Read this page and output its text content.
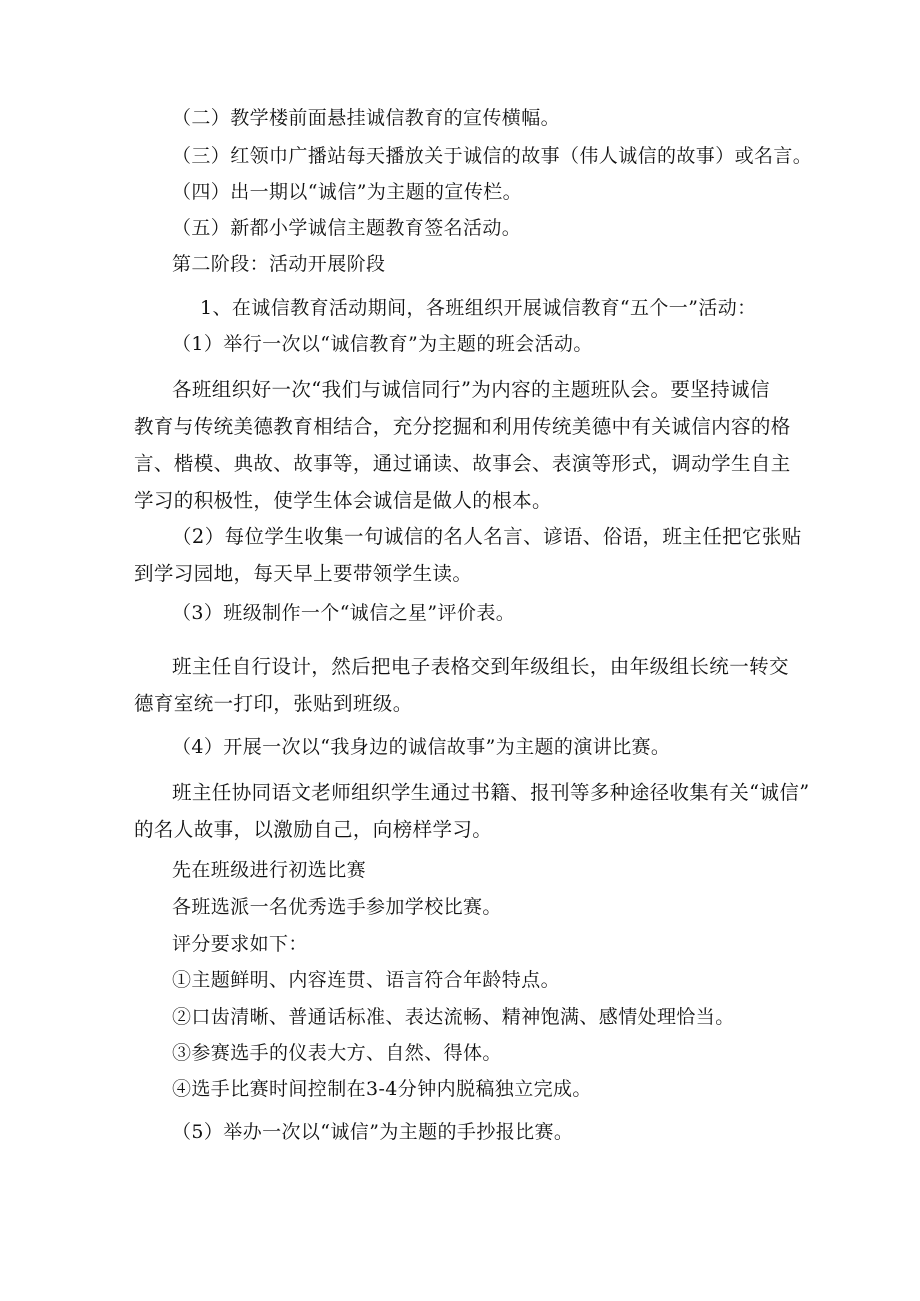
（二）教学楼前面悬挂诚信教育的宣传横幅。
（三）红领巾广播站每天播放关于诚信的故事（伟人诚信的故事）或名言。
（四）出一期以“诚信”为主题的宣传栏。
（五）新都小学诚信主题教育签名活动。
第二阶段：活动开展阶段
1、在诚信教育活动期间，各班组织开展诚信教育“五个一”活动：
（1）举行一次以“诚信教育”为主题的班会活动。
各班组织好一次“我们与诚信同行”为内容的主题班队会。要坚持诚信
教育与传统美德教育相结合，充分挖掘和利用传统美德中有关诚信内容的格
言、楷模、典故、故事等，通过诵读、故事会、表演等形式，调动学生自主
学习的积极性，使学生体会诚信是做人的根本。
（2）每位学生收集一句诚信的名人名言、谚语、俗语，班主任把它张贴
到学习园地，每天早上要带领学生读。
（3）班级制作一个“诚信之星”评价表。
班主任自行设计，然后把电子表格交到年级组长，由年级组长统一转交
德育室统一打印，张贴到班级。
（4）开展一次以“我身边的诚信故事”为主题的演讲比赛。
班主任协同语文老师组织学生通过书籍、报刊等多种途径收集有关“诚信”
的名人故事，以激励自己，向榜样学习。
先在班级进行初选比赛
各班选派一名优秀选手参加学校比赛。
评分要求如下：
①主题鲜明、内容连贯、语言符合年龄特点。
②口齿清晰、普通话标准、表达流畅、精神饱满、感情处理恰当。
③参赛选手的仪表大方、自然、得体。
④选手比赛时间控制在3-4分钟内脱稿独立完成。
（5）举办一次以“诚信”为主题的手抄报比赛。
